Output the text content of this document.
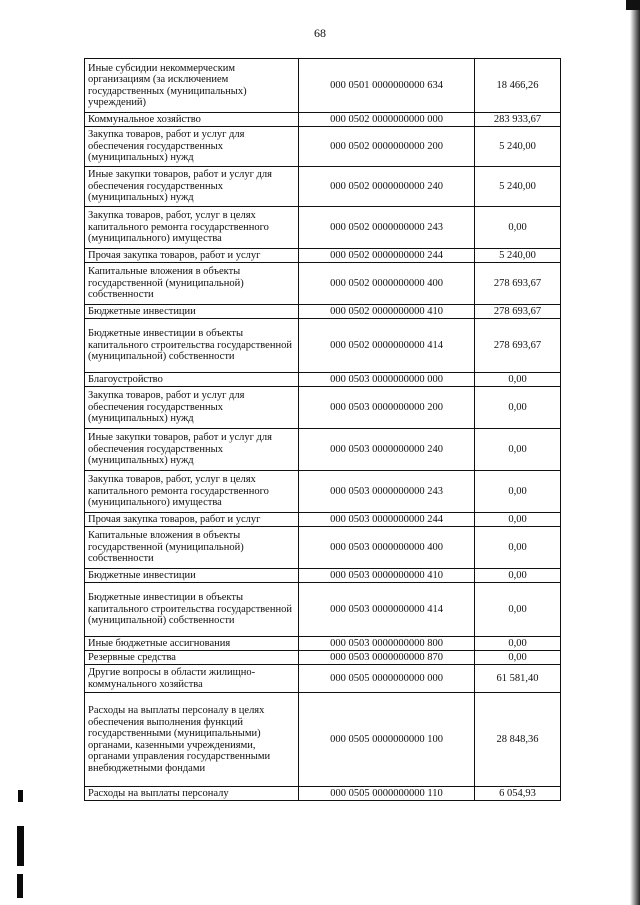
68
Иные субсидии некоммерческим организациям (за исключением государственных (муниципальных) учреждений)	000 0501 0000000000 634	18 466,26
Коммунальное хозяйство	000 0502 0000000000 000	283 933,67
Закупка товаров, работ и услуг для обеспечения государственных (муниципальных) нужд	000 0502 0000000000 200	5 240,00
Иные закупки товаров, работ и услуг для обеспечения государственных (муниципальных) нужд	000 0502 0000000000 240	5 240,00
Закупка товаров, работ, услуг в целях капитального ремонта государственного (муниципального) имущества	000 0502 0000000000 243	0,00
Прочая закупка товаров, работ и услуг	000 0502 0000000000 244	5 240,00
Капитальные вложения в объекты государственной (муниципальной) собственности	000 0502 0000000000 400	278 693,67
Бюджетные инвестиции	000 0502 0000000000 410	278 693,67
Бюджетные инвестиции в объекты капитального строительства государственной (муниципальной) собственности	000 0502 0000000000 414	278 693,67
Благоустройство	000 0503 0000000000 000	0,00
Закупка товаров, работ и услуг для обеспечения государственных (муниципальных) нужд	000 0503 0000000000 200	0,00
Иные закупки товаров, работ и услуг для обеспечения государственных (муниципальных) нужд	000 0503 0000000000 240	0,00
Закупка товаров, работ, услуг в целях капитального ремонта государственного (муниципального) имущества	000 0503 0000000000 243	0,00
Прочая закупка товаров, работ и услуг	000 0503 0000000000 244	0,00
Капитальные вложения в объекты государственной (муниципальной) собственности	000 0503 0000000000 400	0,00
Бюджетные инвестиции	000 0503 0000000000 410	0,00
Бюджетные инвестиции в объекты капитального строительства государственной (муниципальной) собственности	000 0503 0000000000 414	0,00
Иные бюджетные ассигнования	000 0503 0000000000 800	0,00
Резервные средства	000 0503 0000000000 870	0,00
Другие вопросы в области жилищно-коммунального хозяйства	000 0505 0000000000 000	61 581,40
Расходы на выплаты персоналу в целях обеспечения выполнения функций государственными (муниципальными) органами, казенными учреждениями, органами управления государственными внебюджетными фондами	000 0505 0000000000 100	28 848,36
Расходы на выплаты персоналу	000 0505 0000000000 110	6 054,93
